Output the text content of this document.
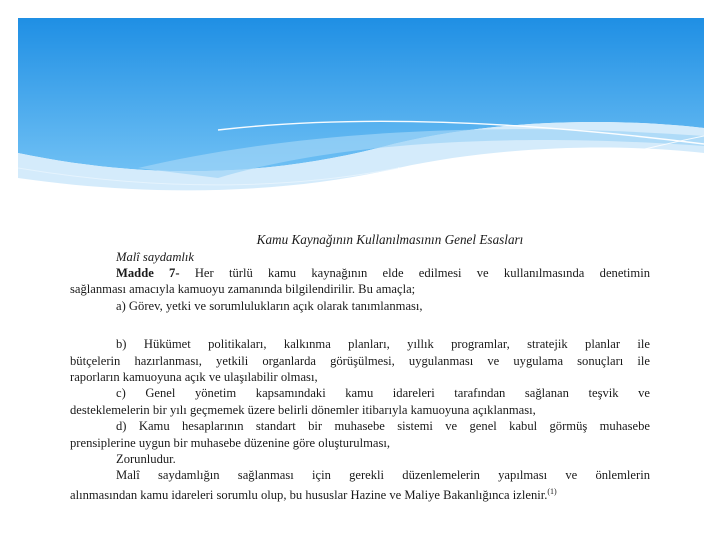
Kamu Kaynağının Kullanılmasının Genel Esasları
Malî saydamlık
Madde 7- Her türlü kamu kaynağının elde edilmesi ve kullanılmasında denetimin
sağlanması amacıyla kamuoyu zamanında bilgilendirilir. Bu amaçla;
a) Görev, yetki ve sorumlulukların açık olarak tanımlanması,
b) Hükümet politikaları, kalkınma planları, yıllık programlar, stratejik planlar ile
bütçelerin hazırlanması, yetkili organlarda görüşülmesi, uygulanması ve uygulama sonuçları ile
raporların kamuoyuna açık ve ulaşılabilir olması,
c) Genel yönetim kapsamındaki kamu idareleri tarafından sağlanan teşvik ve
desteklemelerin bir yılı geçmemek üzere belirli dönemler itibarıyla kamuoyuna açıklanması,
d) Kamu hesaplarının standart bir muhasebe sistemi ve genel kabul görmüş muhasebe
prensiplerine uygun bir muhasebe düzenine göre oluşturulması,
Zorunludur.
Malî saydamlığın sağlanması için gerekli düzenlemelerin yapılması ve önlemlerin
alınmasından kamu idareleri sorumlu olup, bu hususlar Hazine ve Maliye Bakanlığınca izlenir.$^{(1)}$
